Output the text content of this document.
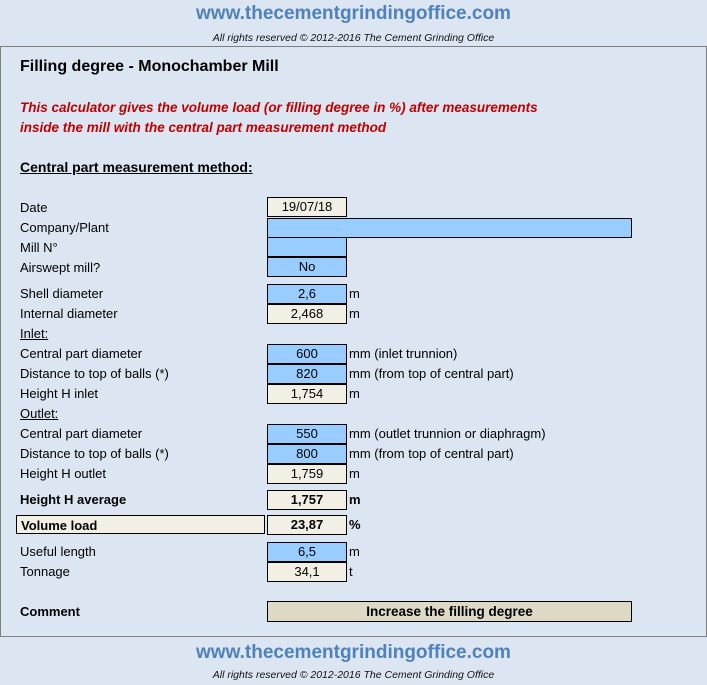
www.thecementgrindingoffice.com
All rights reserved © 2012-2016 The Cement Grinding Office
Filling degree - Monochamber Mill
This calculator gives the volume load (or filling degree in %) after measurements
inside the mill with the central part measurement method
Central part measurement method:
Date	19/07/18
Company/Plant
Mill N°
Airswept mill?	No
Shell diameter	2,6	m
Internal diameter	2,468	m
Inlet:
Central part diameter	600	mm (inlet trunnion)
Distance to top of balls (*)	820	mm (from top of central part)
Height H inlet	1,754	m
Outlet:
Central part diameter	550	mm (outlet trunnion or diaphragm)
Distance to top of balls (*)	800	mm (from top of central part)
Height H outlet	1,759	m
Height H average	1,757	m
Volume load	23,87	%
Useful length	6,5	m
Tonnage	34,1	t
Comment	Increase the filling degree
www.thecementgrindingoffice.com
All rights reserved © 2012-2016 The Cement Grinding Office
